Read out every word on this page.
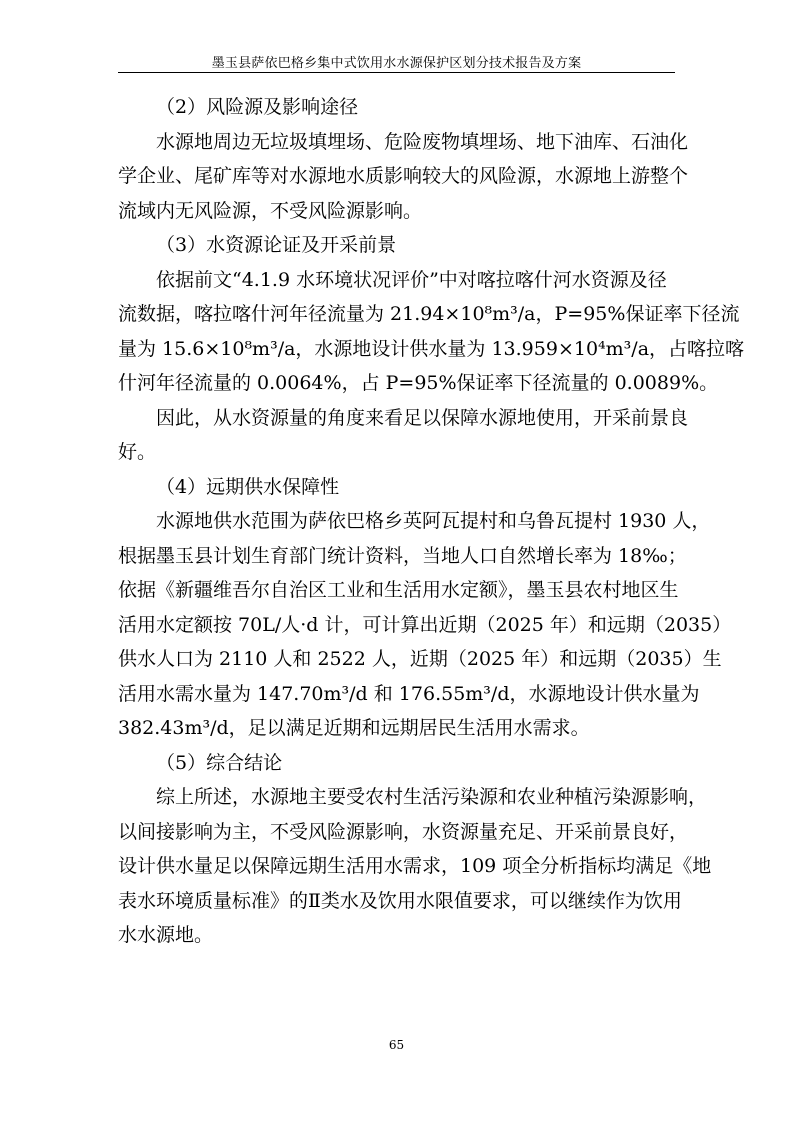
墨玉县萨依巴格乡集中式饮用水水源保护区划分技术报告及方案
（2）风险源及影响途径
水源地周边无垃圾填埋场、危险废物填埋场、地下油库、石油化
学企业、尾矿库等对水源地水质影响较大的风险源，水源地上游整个
流域内无风险源，不受风险源影响。
（3）水资源论证及开采前景
依据前文“4.1.9 水环境状况评价”中对喀拉喀什河水资源及径
流数据，喀拉喀什河年径流量为 21.94×10⁸m³/a，P=95%保证率下径流
量为 15.6×10⁸m³/a，水源地设计供水量为 13.959×10⁴m³/a，占喀拉喀
什河年径流量的 0.0064%，占 P=95%保证率下径流量的 0.0089%。
因此，从水资源量的角度来看足以保障水源地使用，开采前景良
好。
（4）远期供水保障性
水源地供水范围为萨依巴格乡英阿瓦提村和乌鲁瓦提村 1930 人，
根据墨玉县计划生育部门统计资料，当地人口自然增长率为 18‰；
依据《新疆维吾尔自治区工业和生活用水定额》，墨玉县农村地区生
活用水定额按 70L/人·d 计，可计算出近期（2025 年）和远期（2035）
供水人口为 2110 人和 2522 人，近期（2025 年）和远期（2035）生
活用水需水量为 147.70m³/d 和 176.55m³/d，水源地设计供水量为
382.43m³/d，足以满足近期和远期居民生活用水需求。
（5）综合结论
综上所述，水源地主要受农村生活污染源和农业种植污染源影响，
以间接影响为主，不受风险源影响，水资源量充足、开采前景良好，
设计供水量足以保障远期生活用水需求，109 项全分析指标均满足《地
表水环境质量标准》的Ⅱ类水及饮用水限值要求，可以继续作为饮用
水水源地。
65
